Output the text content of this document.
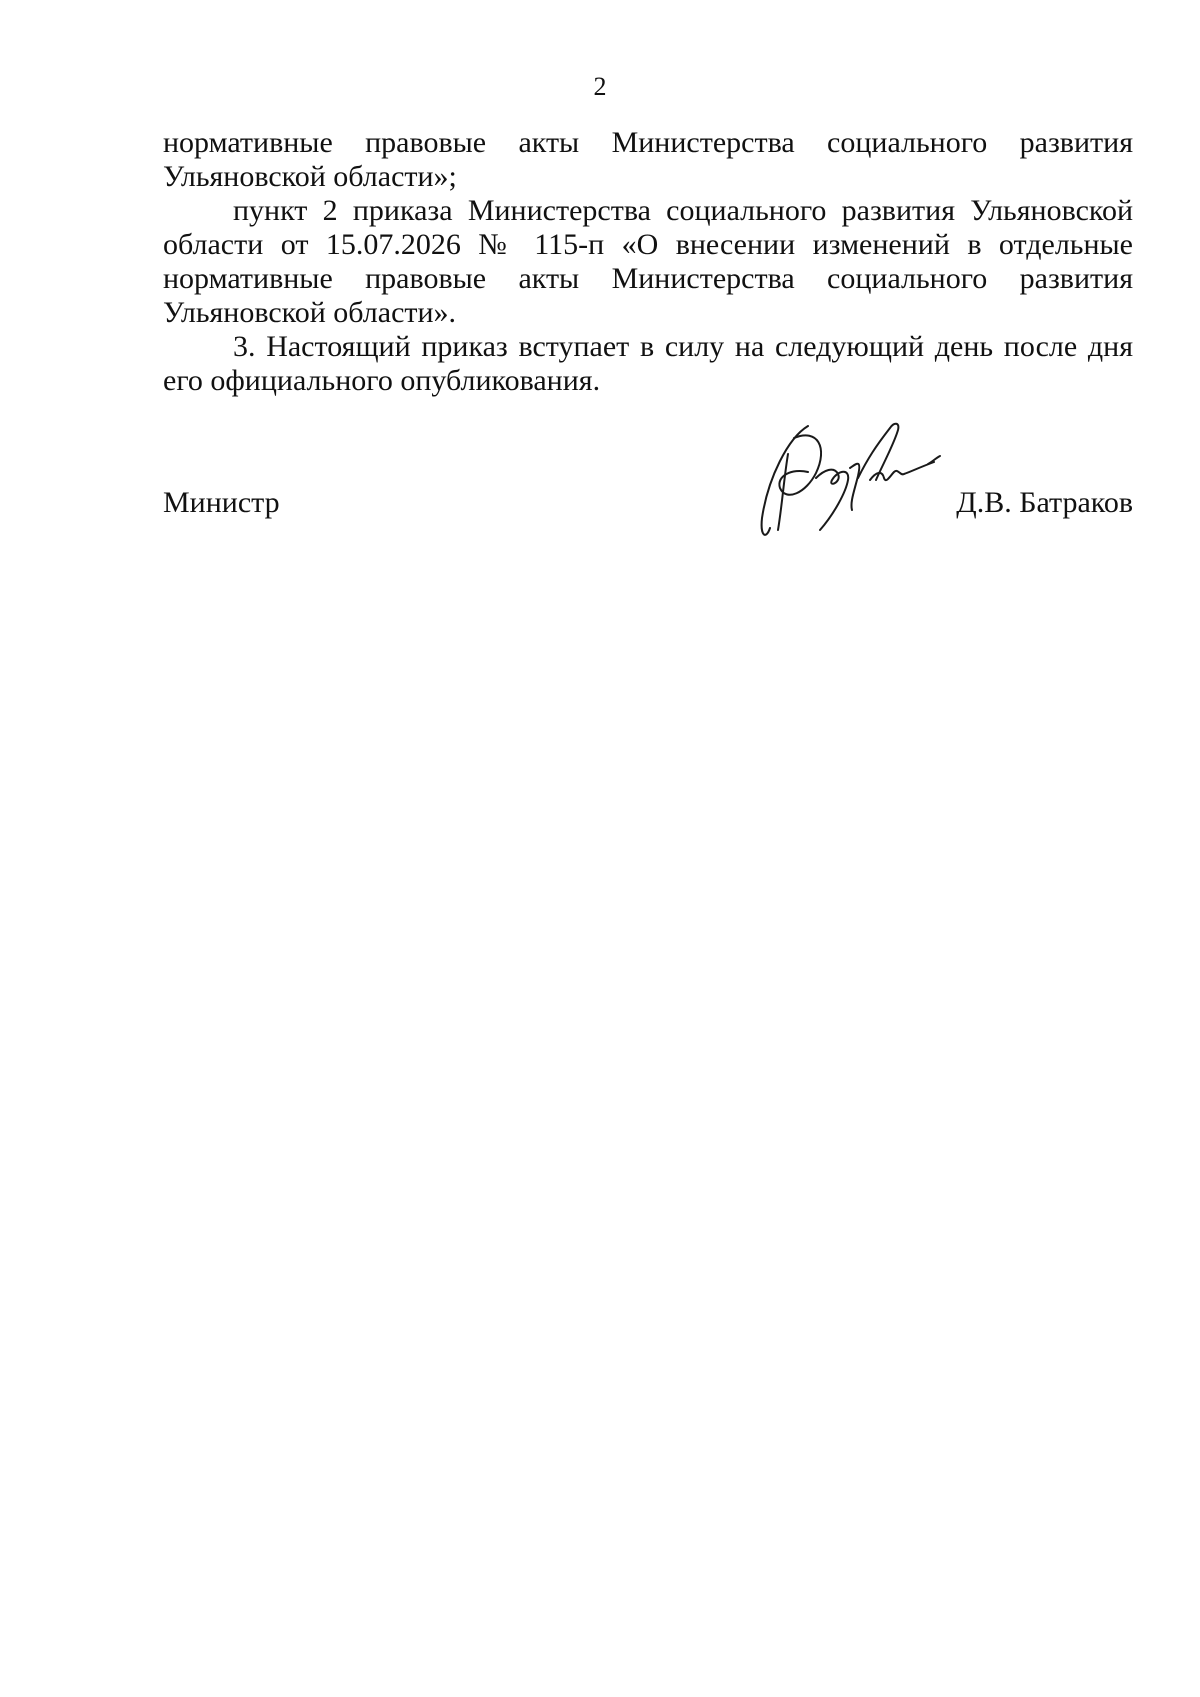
2

нормативные правовые акты Министерства социального развития Ульяновской области»;

пункт 2 приказа Министерства социального развития Ульяновской области от 15.07.2026 № 115-п «О внесении изменений в отдельные нормативные правовые акты Министерства социального развития Ульяновской области».

3. Настоящий приказ вступает в силу на следующий день после дня его официального опубликования.

Министр	Д.В. Батраков
